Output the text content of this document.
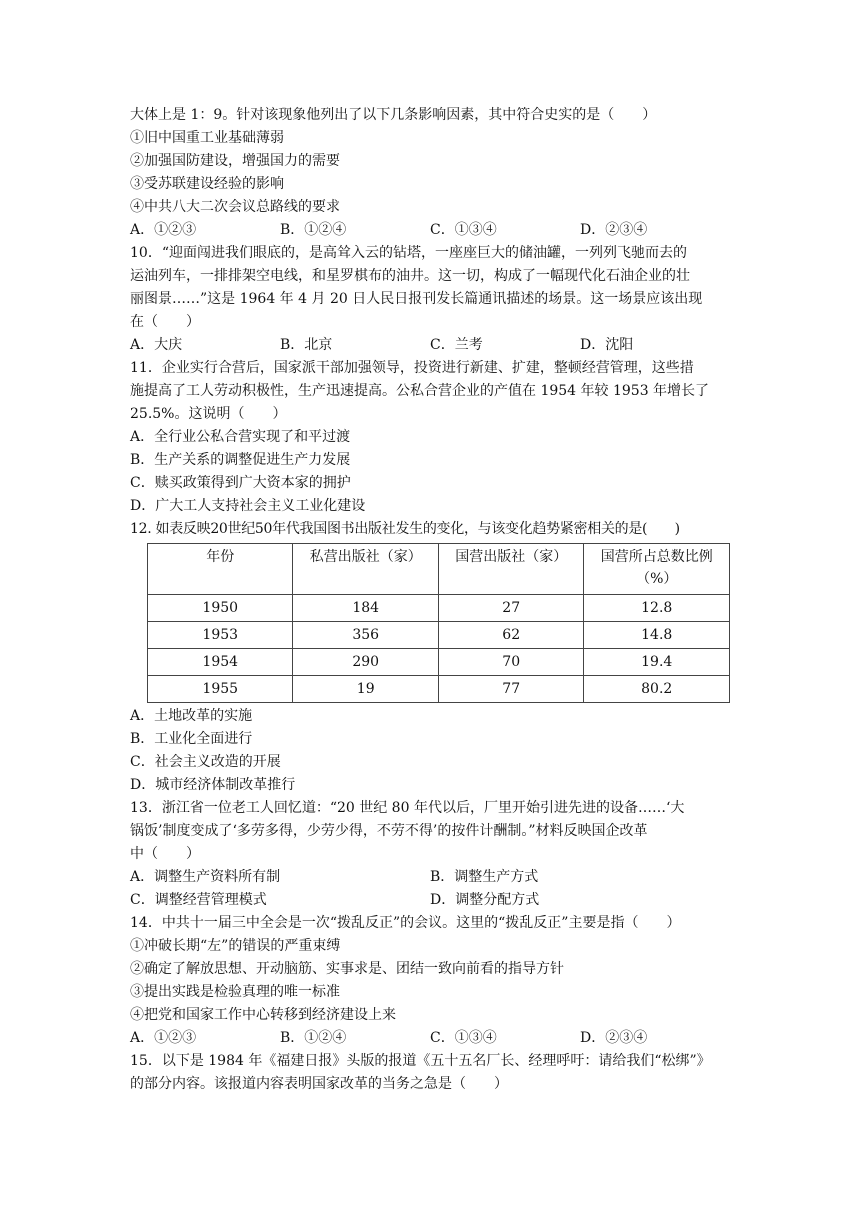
大体上是 1：9。针对该现象他列出了以下几条影响因素，其中符合史实的是（　　）
①旧中国重工业基础薄弱
②加强国防建设，增强国力的需要
③受苏联建设经验的影响
④中共八大二次会议总路线的要求
A．①②③	B．①②④	C．①③④	D．②③④
10．“迎面闯进我们眼底的，是高耸入云的钻塔，一座座巨大的储油罐，一列列飞驰而去的
运油列车，一排排架空电线，和星罗棋布的油井。这一切，构成了一幅现代化石油企业的壮
丽图景……”这是 1964 年 4 月 20 日人民日报刊发长篇通讯描述的场景。这一场景应该出现
在（　　）
A．大庆	B．北京	C．兰考	D．沈阳
11．企业实行合营后，国家派干部加强领导，投资进行新建、扩建，整顿经营管理，这些措
施提高了工人劳动积极性，生产迅速提高。公私合营企业的产值在 1954 年较 1953 年增长了
25.5%。这说明（　　）
A．全行业公私合营实现了和平过渡
B．生产关系的调整促进生产力发展
C．赎买政策得到广大资本家的拥护
D．广大工人支持社会主义工业化建设
12. 如表反映20世纪50年代我国图书出版社发生的变化，与该变化趋势紧密相关的是(　　)
年份	私营出版社（家）	国营出版社（家）	国营所占总数比例（%）
1950	184	27	12.8
1953	356	62	14.8
1954	290	70	19.4
1955	19	77	80.2
A．土地改革的实施
B．工业化全面进行
C．社会主义改造的开展
D．城市经济体制改革推行
13．浙江省一位老工人回忆道：“20 世纪 80 年代以后，厂里开始引进先进的设备……‘大
锅饭’制度变成了‘多劳多得，少劳少得，不劳不得’的按件计酬制。”材料反映国企改革
中（　　）
A．调整生产资料所有制	B．调整生产方式
C．调整经营管理模式	D．调整分配方式
14．中共十一届三中全会是一次“拨乱反正”的会议。这里的“拨乱反正”主要是指（　　）
①冲破长期“左”的错误的严重束缚
②确定了解放思想、开动脑筋、实事求是、团结一致向前看的指导方针
③提出实践是检验真理的唯一标准
④把党和国家工作中心转移到经济建设上来
A．①②③	B．①②④	C．①③④	D．②③④
15．以下是 1984 年《福建日报》头版的报道《五十五名厂长、经理呼吁：请给我们“松绑”》
的部分内容。该报道内容表明国家改革的当务之急是（　　）
